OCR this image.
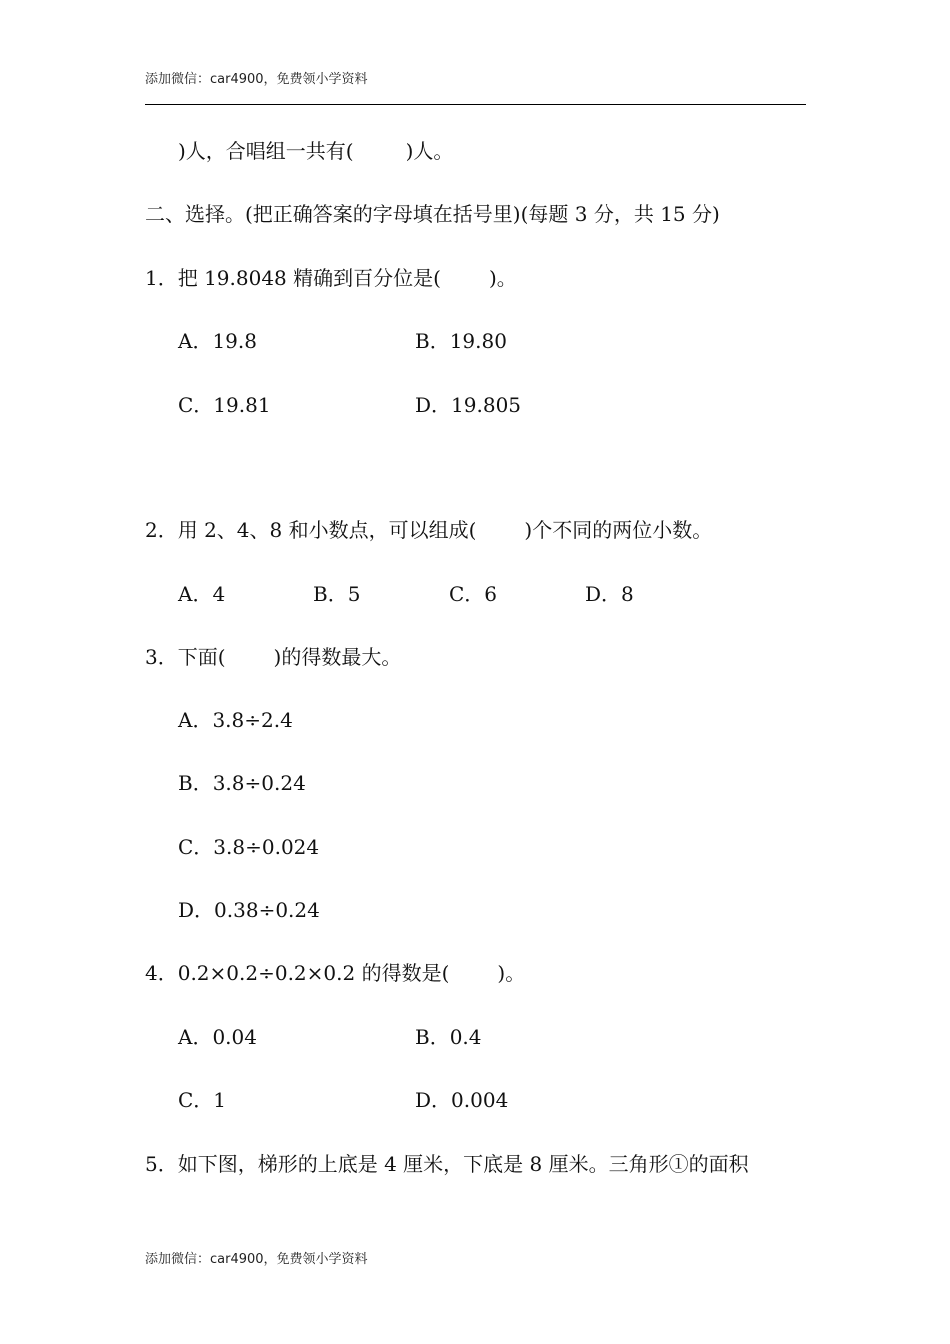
添加微信：car4900，免费领小学资料
)人，合唱组一共有(	)人。
二、选择。(把正确答案的字母填在括号里)(每题 3 分，共 15 分)
1．把 19.8048 精确到百分位是( )。
A．19.8	B．19.80
C．19.81	D．19.805
2．用 2、4、8 和小数点，可以组成( )个不同的两位小数。
A．4	B．5	C．6	D．8
3．下面( )的得数最大。
A．3.8÷2.4
B．3.8÷0.24
C．3.8÷0.024
D．0.38÷0.24
4．0.2×0.2÷0.2×0.2 的得数是( )。
A．0.04	B．0.4
C．1	D．0.004
5．如下图，梯形的上底是 4 厘米，下底是 8 厘米。三角形①的面积
添加微信：car4900，免费领小学资料
